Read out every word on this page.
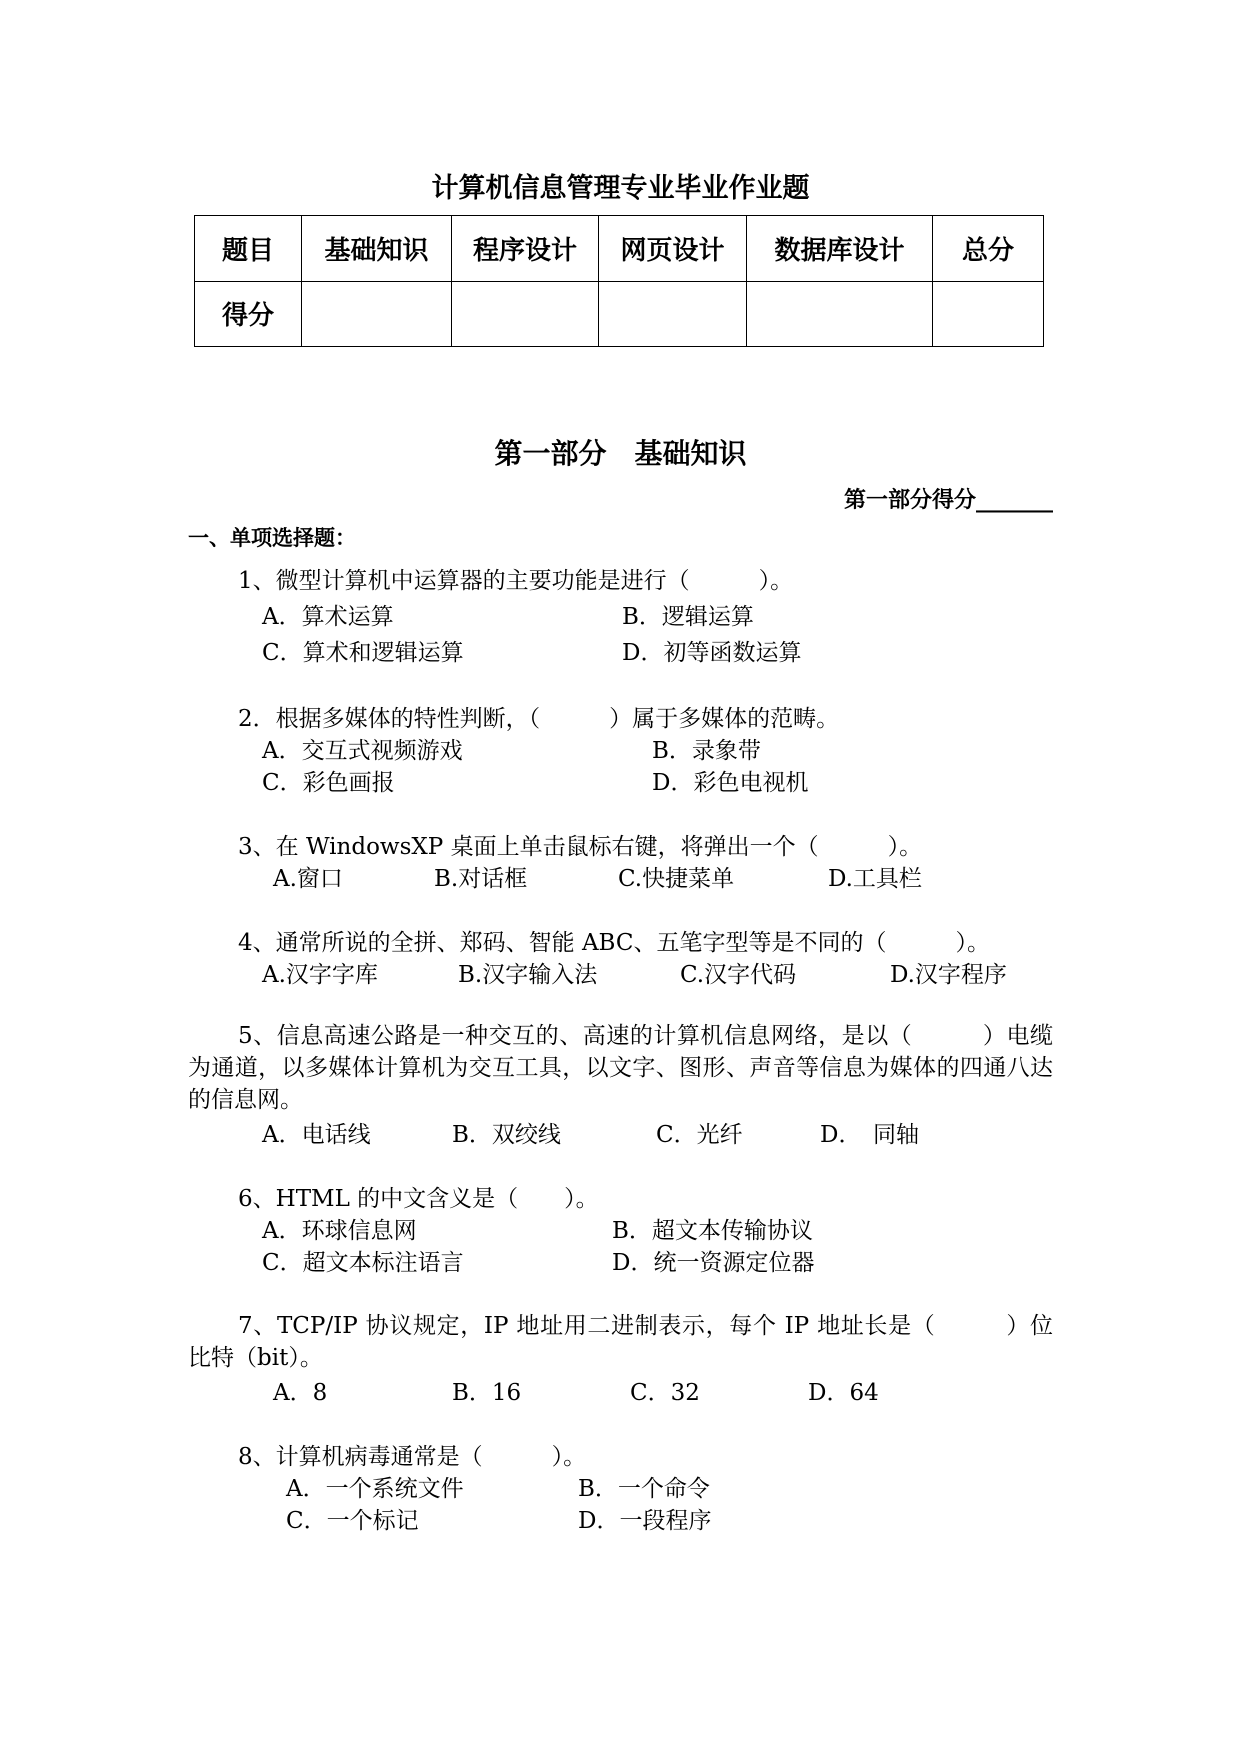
计算机信息管理专业毕业作业题
题目	基础知识	程序设计	网页设计	数据库设计	总分
得分					
第一部分　基础知识
第一部分得分_______
一、单项选择题：
1、微型计算机中运算器的主要功能是进行（　　　）。
A．算术运算	B．逻辑运算
C．算术和逻辑运算	D．初等函数运算
2．根据多媒体的特性判断，（　　　）属于多媒体的范畴。
A．交互式视频游戏	B．录象带
C．彩色画报	D．彩色电视机
3、在 WindowsXP 桌面上单击鼠标右键，将弹出一个（　　　）。
A.窗口	B.对话框	C.快捷菜单	D.工具栏
4、通常所说的全拼、郑码、智能 ABC、五笔字型等是不同的（　　　）。
A.汉字字库	B.汉字输入法	C.汉字代码	D.汉字程序
5、信息高速公路是一种交互的、高速的计算机信息网络，是以（　　　）电缆为通道，以多媒体计算机为交互工具，以文字、图形、声音等信息为媒体的四通八达的信息网。
A．电话线	B．双绞线	C．光纤	D．　同轴
6、HTML 的中文含义是（　　）。
A．环球信息网	B．超文本传输协议
C．超文本标注语言	D．统一资源定位器
7、TCP/IP 协议规定，IP 地址用二进制表示，每个 IP 地址长是（　　　）位比特（bit）。
A．8	B．16	C．32	D．64
8、计算机病毒通常是（　　　）。
A．一个系统文件	B．一个命令
C．一个标记	D．一段程序
